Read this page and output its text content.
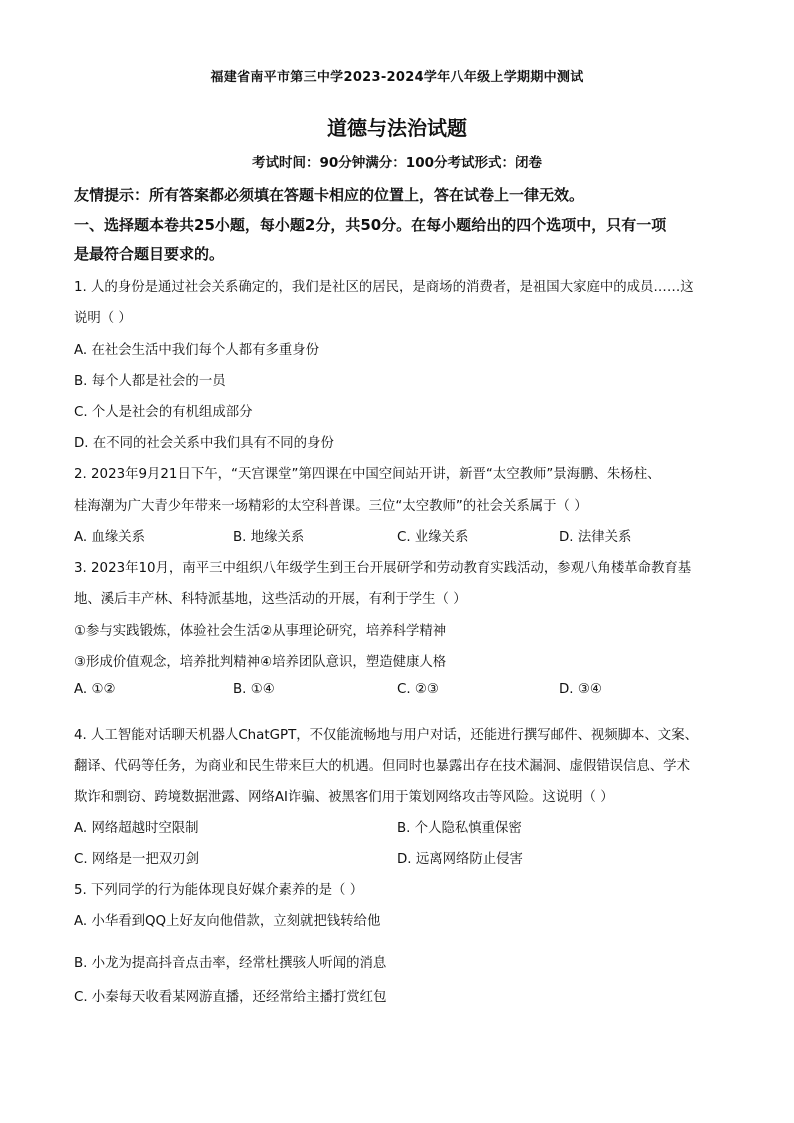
福建省南平市第三中学2023-2024学年八年级上学期期中测试
道德与法治试题
考试时间：90分钟满分：100分考试形式：闭卷
友情提示：所有答案都必须填在答题卡相应的位置上，答在试卷上一律无效。
一、选择题本卷共25小题，每小题2分，共50分。在每小题给出的四个选项中，只有一项
是最符合题目要求的。
1. 人的身份是通过社会关系确定的，我们是社区的居民，是商场的消费者，是祖国大家庭中的成员……这
说明（ ）
A. 在社会生活中我们每个人都有多重身份
B. 每个人都是社会的一员
C. 个人是社会的有机组成部分
D. 在不同的社会关系中我们具有不同的身份
2. 2023年9月21日下午，“天宫课堂”第四课在中国空间站开讲，新晋“太空教师”景海鹏、朱杨柱、
桂海潮为广大青少年带来一场精彩的太空科普课。三位“太空教师”的社会关系属于（ ）
A. 血缘关系	B. 地缘关系	C. 业缘关系	D. 法律关系
3. 2023年10月，南平三中组织八年级学生到王台开展研学和劳动教育实践活动，参观八角楼革命教育基
地、溪后丰产林、科特派基地，这些活动的开展，有利于学生（ ）
①参与实践锻炼，体验社会生活②从事理论研究，培养科学精神
③形成价值观念，培养批判精神④培养团队意识，塑造健康人格
A. ①②	B. ①④	C. ②③	D. ③④
4. 人工智能对话聊天机器人ChatGPT，不仅能流畅地与用户对话，还能进行撰写邮件、视频脚本、文案、
翻译、代码等任务，为商业和民生带来巨大的机遇。但同时也暴露出存在技术漏洞、虚假错误信息、学术
欺诈和剽窃、跨境数据泄露、网络AI诈骗、被黑客们用于策划网络攻击等风险。这说明（ ）
A. 网络超越时空限制	B. 个人隐私慎重保密
C. 网络是一把双刃剑	D. 远离网络防止侵害
5. 下列同学的行为能体现良好媒介素养的是（ ）
A. 小华看到QQ上好友向他借款，立刻就把钱转给他
B. 小龙为提高抖音点击率，经常杜撰骇人听闻的消息
C. 小秦每天收看某网游直播，还经常给主播打赏红包
